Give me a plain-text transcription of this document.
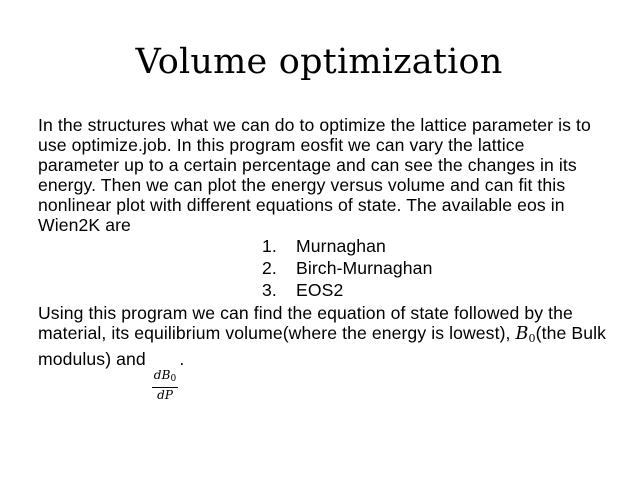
Volume optimization

In the structures what we can do to optimize the lattice parameter is to use optimize.job. In this program eosfit we can vary the lattice parameter up to a certain percentage and can see the changes in its energy. Then we can plot the energy versus volume and can fit this nonlinear plot with different equations of state. The available eos in Wien2K are

1. Murnaghan
2. Birch-Murnaghan
3. EOS2

Using this program we can find the equation of state followed by the material, its equilibrium volume(where the energy is lowest), $B_0(the$ Bulk modulus) and
$\frac{dB_0}{dP}$
.
